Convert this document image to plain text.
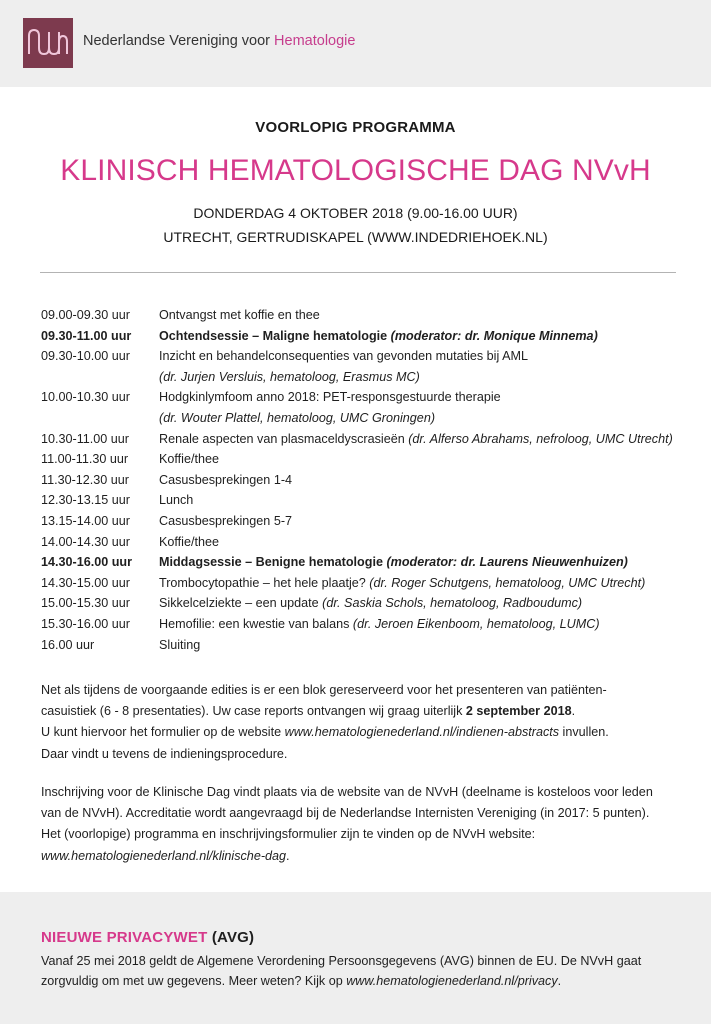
Nederlandse Vereniging voor Hematologie
VOORLOPIG PROGRAMMA
KLINISCH HEMATOLOGISCHE DAG NVvH
DONDERDAG 4 OKTOBER 2018 (9.00-16.00 UUR)
UTRECHT, GERTRUDISKAPEL (WWW.INDEDRIEHOEK.NL)
09.00-09.30 uur	Ontvangst met koffie en thee
09.30-11.00 uur	Ochtendsessie – Maligne hematologie (moderator: dr. Monique Minnema)
09.30-10.00 uur	Inzicht en behandelconsequenties van gevonden mutaties bij AML
(dr. Jurjen Versluis, hematoloog, Erasmus MC)
10.00-10.30 uur	Hodgkinlymfoom anno 2018: PET-responsgestuurde therapie
(dr. Wouter Plattel, hematoloog, UMC Groningen)
10.30-11.00 uur	Renale aspecten van plasmaceldyscrasieën (dr. Alferso Abrahams, nefroloog, UMC Utrecht)
11.00-11.30 uur	Koffie/thee
11.30-12.30 uur	Casusbesprekingen 1-4
12.30-13.15 uur	Lunch
13.15-14.00 uur	Casusbesprekingen 5-7
14.00-14.30 uur	Koffie/thee
14.30-16.00 uur	Middagsessie – Benigne hematologie (moderator: dr. Laurens Nieuwenhuizen)
14.30-15.00 uur	Trombocytopathie – het hele plaatje? (dr. Roger Schutgens, hematoloog, UMC Utrecht)
15.00-15.30 uur	Sikkelcelziekte – een update (dr. Saskia Schols, hematoloog, Radboudumc)
15.30-16.00 uur	Hemofilie: een kwestie van balans (dr. Jeroen Eikenboom, hematoloog, LUMC)
16.00 uur	Sluiting
Net als tijdens de voorgaande edities is er een blok gereserveerd voor het presenteren van patiënten-
casuistiek (6 - 8 presentaties). Uw case reports ontvangen wij graag uiterlijk 2 september 2018.
U kunt hiervoor het formulier op de website www.hematologienederland.nl/indienen-abstracts invullen.
Daar vindt u tevens de indieningsprocedure.
Inschrijving voor de Klinische Dag vindt plaats via de website van de NVvH (deelname is kosteloos voor leden
van de NVvH). Accreditatie wordt aangevraagd bij de Nederlandse Internisten Vereniging (in 2017: 5 punten).
Het (voorlopige) programma en inschrijvingsformulier zijn te vinden op de NVvH website:
www.hematologienederland.nl/klinische-dag.
NIEUWE PRIVACYWET (AVG)
Vanaf 25 mei 2018 geldt de Algemene Verordening Persoonsgegevens (AVG) binnen de EU. De NVvH gaat
zorgvuldig om met uw gegevens. Meer weten? Kijk op www.hematologienederland.nl/privacy.
